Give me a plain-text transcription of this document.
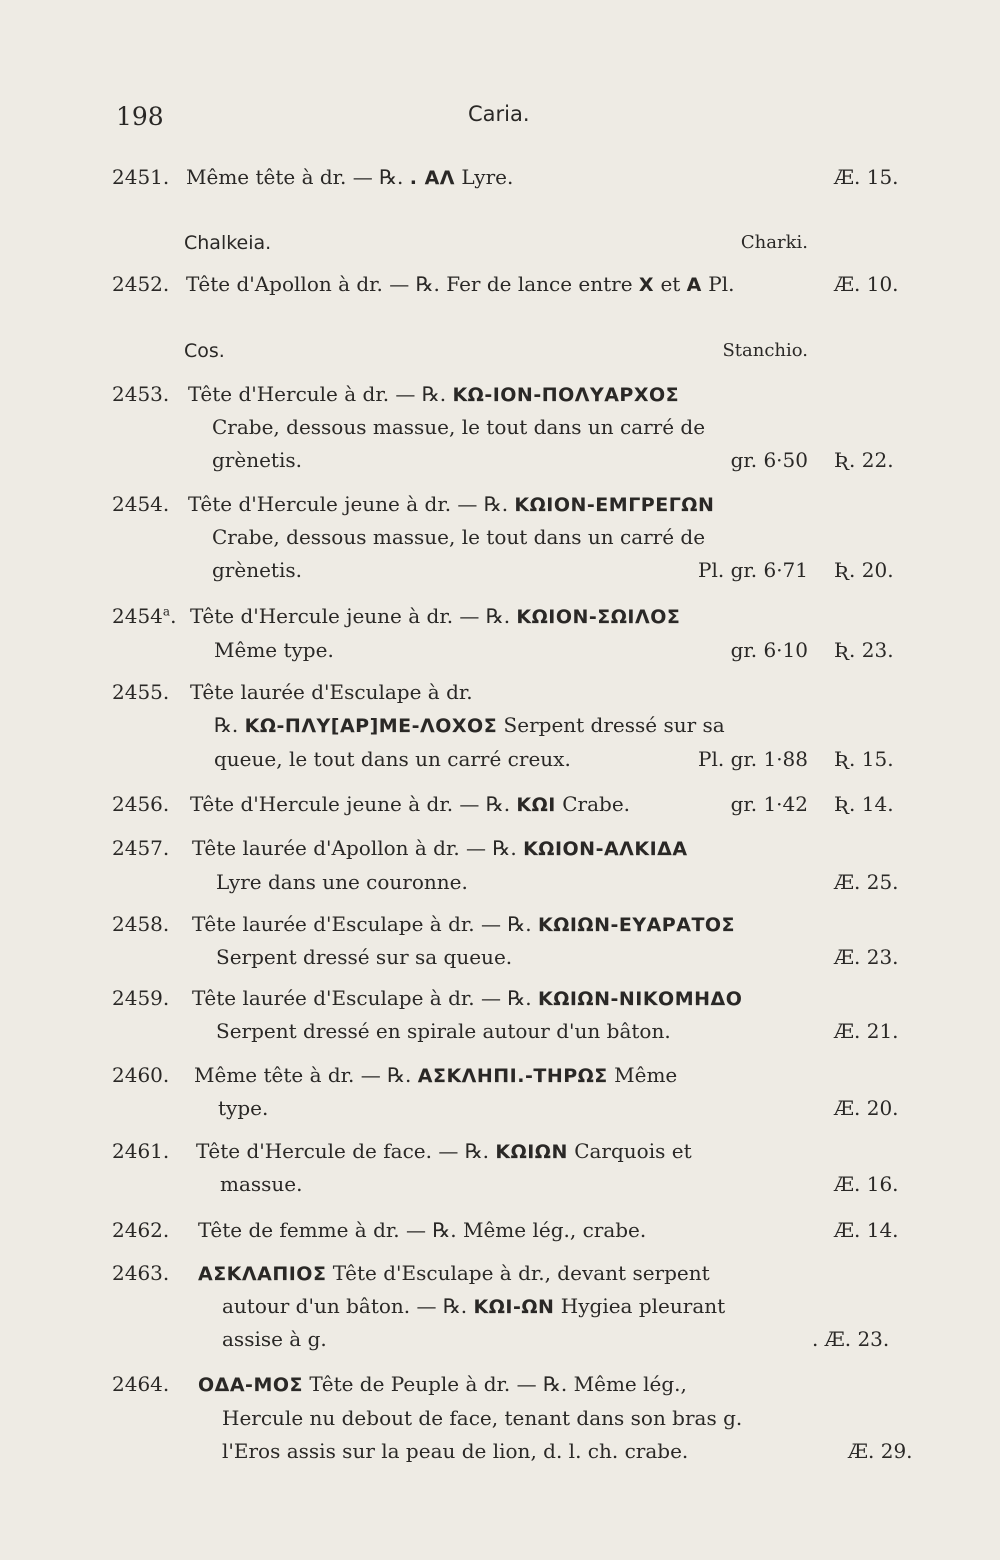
198	Caria.
2451. Même tête à dr. — ℞. . ΑΛ Lyre.	Æ. 15.
Chalkeia.	Charki.
2452. Tête d'Apollon à dr. — ℞. Fer de lance entre X et A Pl.	Æ. 10.
Cos.	Stanchio.
2453. Tête d'Hercule à dr. — ℞. ΚΩ-ΙΟΝ-ΠΟΛΥΑΡΧΟΣ
Crabe, dessous massue, le tout dans un carré de
grènetis.	gr. 6·50 Ʀ. 22.
2454. Tête d'Hercule jeune à dr. — ℞. ΚΩΙΟΝ-ΕΜΓΡΕΓΩΝ
Crabe, dessous massue, le tout dans un carré de
grènetis.	Pl. gr. 6·71 Ʀ. 20.
2454$^a$. Tête d'Hercule jeune à dr. — ℞. ΚΩΙΟΝ-ΣΩΙΛΟΣ
Même type.	gr. 6·10 Ʀ. 23.
2455. Tête laurée d'Esculape à dr.
℞. ΚΩ-ΠΛΥ[ΑΡ]ΜΕ-ΛΟΧΟΣ Serpent dressé sur sa
queue, le tout dans un carré creux.	Pl. gr. 1·88 Ʀ. 15.
2456. Tête d'Hercule jeune à dr. — ℞. ΚΩΙ Crabe.	gr. 1·42 Ʀ. 14.
2457. Tête laurée d'Apollon à dr. — ℞. ΚΩΙΟΝ-ΑΛΚΙΔΑ
Lyre dans une couronne.	Æ. 25.
2458. Tête laurée d'Esculape à dr. — ℞. ΚΩΙΩΝ-ΕΥΑΡΑΤΟΣ
Serpent dressé sur sa queue.	Æ. 23.
2459. Tête laurée d'Esculape à dr. — ℞. ΚΩΙΩΝ-ΝΙΚΟΜΗΔΟ
Serpent dressé en spirale autour d'un bâton.	Æ. 21.
2460. Même tête à dr. — ℞. ΑΣΚΛΗΠΙ.-ΤΗΡΩΣ Même
type.	Æ. 20.
2461. Tête d'Hercule de face. — ℞. ΚΩΙΩΝ Carquois et
massue.	Æ. 16.
2462. Tête de femme à dr. — ℞. Même lég., crabe.	Æ. 14.
2463. ΑΣΚΛΑΠΙΟΣ Tête d'Esculape à dr., devant serpent
autour d'un bâton. — ℞. ΚΩΙ-ΩΝ Hygiea pleurant
assise à g.	. Æ. 23.
2464. ΟΔΑ-ΜΟΣ Tête de Peuple à dr. — ℞. Même lég.,
Hercule nu debout de face, tenant dans son bras g.
l'Eros assis sur la peau de lion, d. l. ch. crabe.	Æ. 29.
